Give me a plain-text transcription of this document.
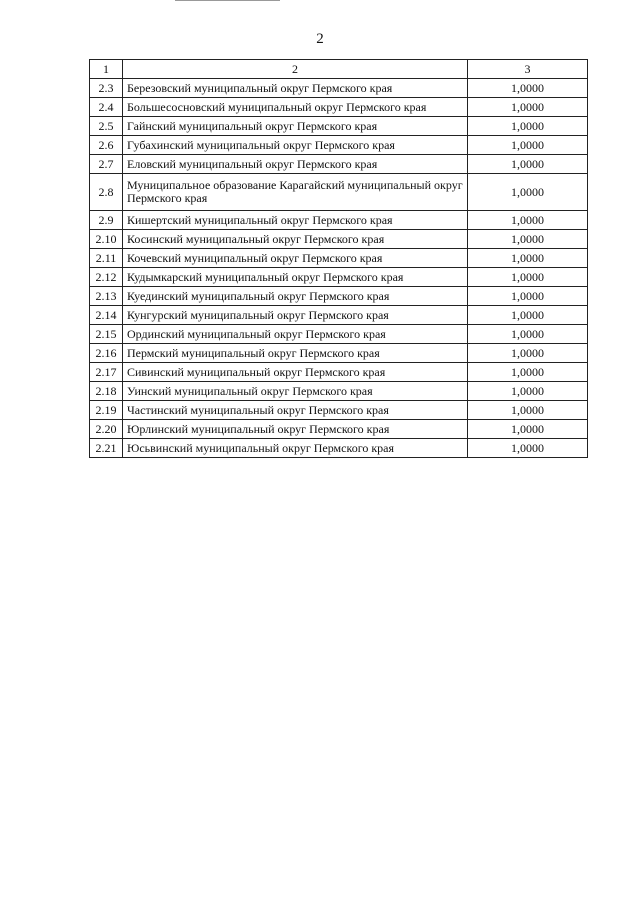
2
1	2	3
2.3	Березовский муниципальный округ Пермского края	1,0000
2.4	Большесосновский муниципальный округ Пермского края	1,0000
2.5	Гайнский муниципальный округ Пермского края	1,0000
2.6	Губахинский муниципальный округ Пермского края	1,0000
2.7	Еловский муниципальный округ Пермского края	1,0000
2.8	Муниципальное образование Карагайский муниципальный округ Пермского края	1,0000
2.9	Кишертский муниципальный округ Пермского края	1,0000
2.10	Косинский муниципальный округ Пермского края	1,0000
2.11	Кочевский муниципальный округ Пермского края	1,0000
2.12	Кудымкарский муниципальный округ Пермского края	1,0000
2.13	Куединский муниципальный округ Пермского края	1,0000
2.14	Кунгурский муниципальный округ Пермского края	1,0000
2.15	Ординский муниципальный округ Пермского края	1,0000
2.16	Пермский муниципальный округ Пермского края	1,0000
2.17	Сивинский муниципальный округ Пермского края	1,0000
2.18	Уинский муниципальный округ Пермского края	1,0000
2.19	Частинский муниципальный округ Пермского края	1,0000
2.20	Юрлинский муниципальный округ Пермского края	1,0000
2.21	Юсьвинский муниципальный округ Пермского края	1,0000
